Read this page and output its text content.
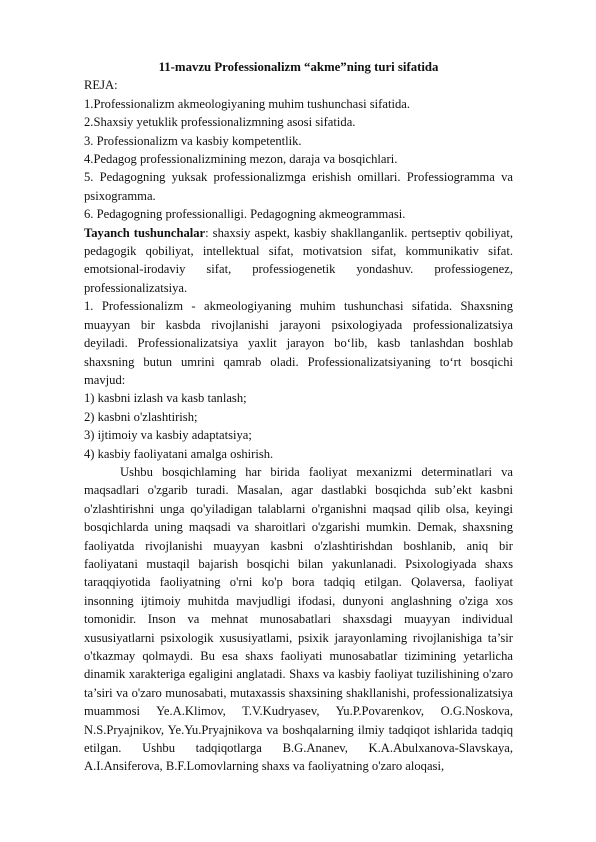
11-mavzu Professionalizm “akme”ning turi sifatida

REJA:

1.Professionalizm akmeologiyaning muhim tushunchasi sifatida.

2.Shaxsiy yetuklik professionalizmning asosi sifatida.

3. Professionalizm va kasbiy kompetentlik.

4.Pedagog professionalizmining mezon, daraja va bosqichlari.

5. Pedagogning yuksak professionalizmga erishish omillari. Professiogramma va psixogramma.

6. Pedagogning professionalligi. Pedagogning akmeogrammasi.

Tayanch tushunchalar: shaxsiy aspekt, kasbiy shakllanganlik. pertseptiv qobiliyat, pedagogik qobiliyat, intellektual sifat, motivatsion sifat, kommunikativ sifat. emotsional-irodaviy sifat, professiogenetik yondashuv. professiogenez, professionalizatsiya.

1. Professionalizm - akmeologiyaning muhim tushunchasi sifatida. Shaxsning muayyan bir kasbda rivojlanishi jarayoni psixologiyada professionalizatsiya deyiladi. Professionalizatsiya yaxlit jarayon bo‘lib, kasb tanlashdan boshlab shaxsning butun umrini qamrab oladi. Professionalizatsiyaning to‘rt bosqichi mavjud:

1) kasbni izlash va kasb tanlash;

2) kasbni o'zlashtirish;

3) ijtimoiy va kasbiy adaptatsiya;

4) kasbiy faoliyatani amalga oshirish.

Ushbu bosqichlaming har birida faoliyat mexanizmi determinatlari va maqsadlari o'zgarib turadi. Masalan, agar dastlabki bosqichda sub’ekt kasbni o'zlashtirishni unga qo'yiladigan talablarni o'rganishni maqsad qilib olsa, keyingi bosqichlarda uning maqsadi va sharoitlari o'zgarishi mumkin. Demak, shaxsning faoliyatda rivojlanishi muayyan kasbni o'zlashtirishdan boshlanib, aniq bir faoliyatani mustaqil bajarish bosqichi bilan yakunlanadi. Psixologiyada shaxs taraqqiyotida faoliyatning o'rni ko'p bora tadqiq etilgan. Qolaversa, faoliyat insonning ijtimoiy muhitda mavjudligi ifodasi, dunyoni anglashning o'ziga xos tomonidir. Inson va mehnat munosabatlari shaxsdagi muayyan individual xususiyatlarni psixologik xususiyatlami, psixik jarayonlaming rivojlanishiga ta’sir o'tkazmay qolmaydi. Bu esa shaxs faoliyati munosabatlar tizimining yetarlicha dinamik xarakteriga egaligini anglatadi. Shaxs va kasbiy faoliyat tuzilishining o'zaro ta’siri va o'zaro munosabati, mutaxassis shaxsining shakllanishi, professionalizatsiya muammosi Ye.A.Klimov, T.V.Kudryasev, Yu.P.Povarenkov, O.G.Noskova, N.S.Pryajnikov, Ye.Yu.Pryajnikova va boshqalarning ilmiy tadqiqot ishlarida tadqiq etilgan. Ushbu tadqiqotlarga B.G.Ananev, K.A.Abulxanova-Slavskaya, A.I.Ansiferova, B.F.Lomovlarning shaxs va faoliyatning o'zaro aloqasi,
